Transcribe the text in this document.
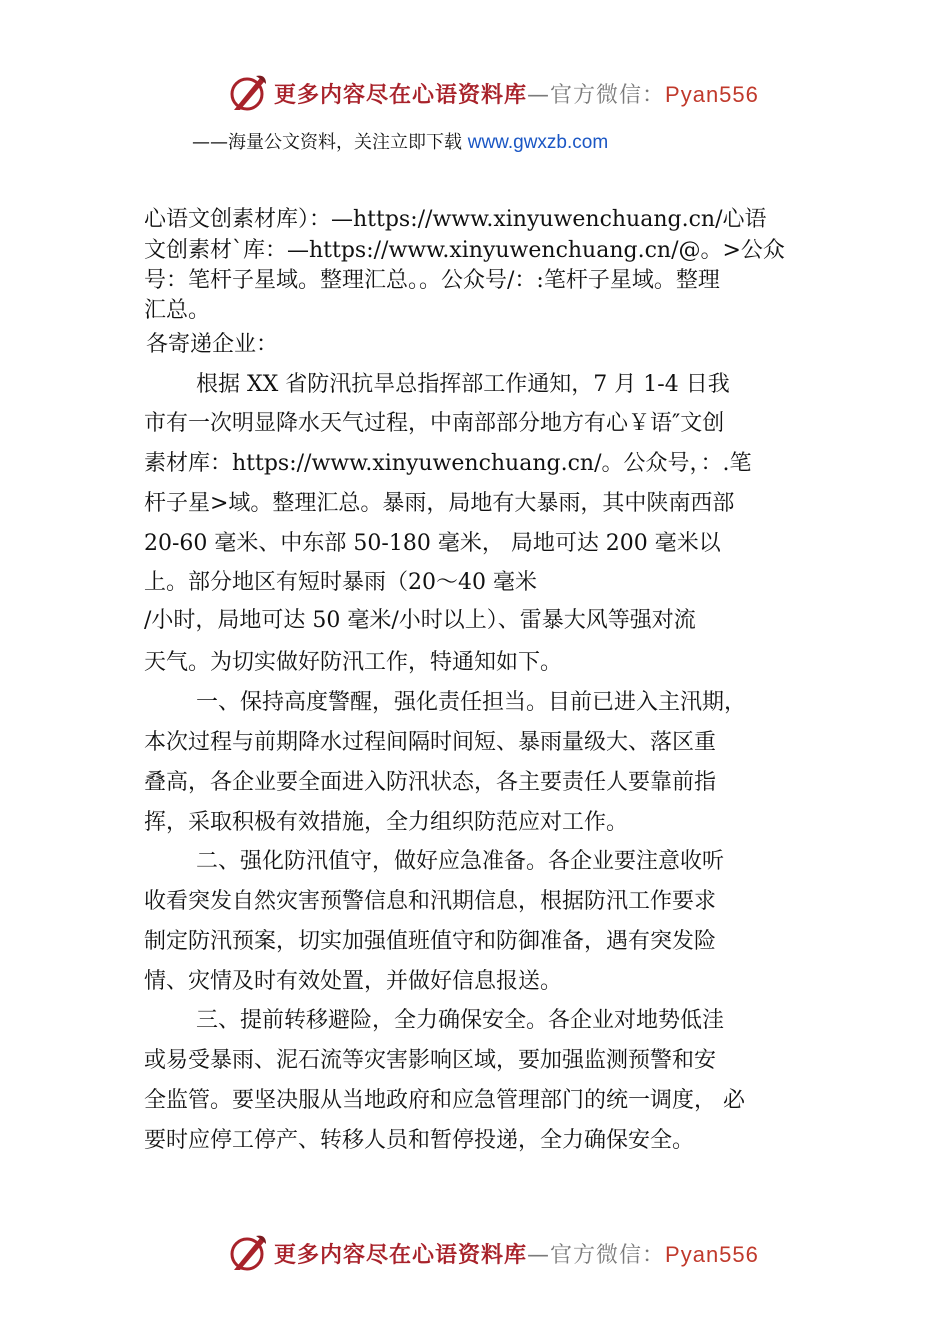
更多内容尽在心语资料库—官方微信：Pyan556
——海量公文资料，关注立即下载 www.gwxzb.com
心语文创素材库）：—https://www.xinyuwenchuang.cn/心语
文创素材`库：—https://www.xinyuwenchuang.cn/@。>公众
号：笔杆子星域。整理汇总。。公众号/：:笔杆子星域。整理
汇总。
各寄递企业：
根据 XX 省防汛抗旱总指挥部工作通知，7 月 1-4 日我
市有一次明显降水天气过程，中南部部分地方有心￥语″文创
素材库：https://www.xinyuwenchuang.cn/。公众号，：.笔
杆子星>域。整理汇总。暴雨，局地有大暴雨，其中陕南西部
20-60 毫米、中东部 50-180 毫米， 局地可达 200 毫米以
上。部分地区有短时暴雨（20～40 毫米
/小时，局地可达 50 毫米/小时以上）、雷暴大风等强对流
天气。为切实做好防汛工作，特通知如下。
一、保持高度警醒，强化责任担当。目前已进入主汛期，
本次过程与前期降水过程间隔时间短、暴雨量级大、落区重
叠高，各企业要全面进入防汛状态，各主要责任人要靠前指
挥，采取积极有效措施，全力组织防范应对工作。
二、强化防汛值守，做好应急准备。各企业要注意收听
收看突发自然灾害预警信息和汛期信息，根据防汛工作要求
制定防汛预案，切实加强值班值守和防御准备，遇有突发险
情、灾情及时有效处置，并做好信息报送。
三、提前转移避险，全力确保安全。各企业对地势低洼
或易受暴雨、泥石流等灾害影响区域，要加强监测预警和安
全监管。要坚决服从当地政府和应急管理部门的统一调度， 必
要时应停工停产、转移人员和暂停投递，全力确保安全。
更多内容尽在心语资料库—官方微信：Pyan556
